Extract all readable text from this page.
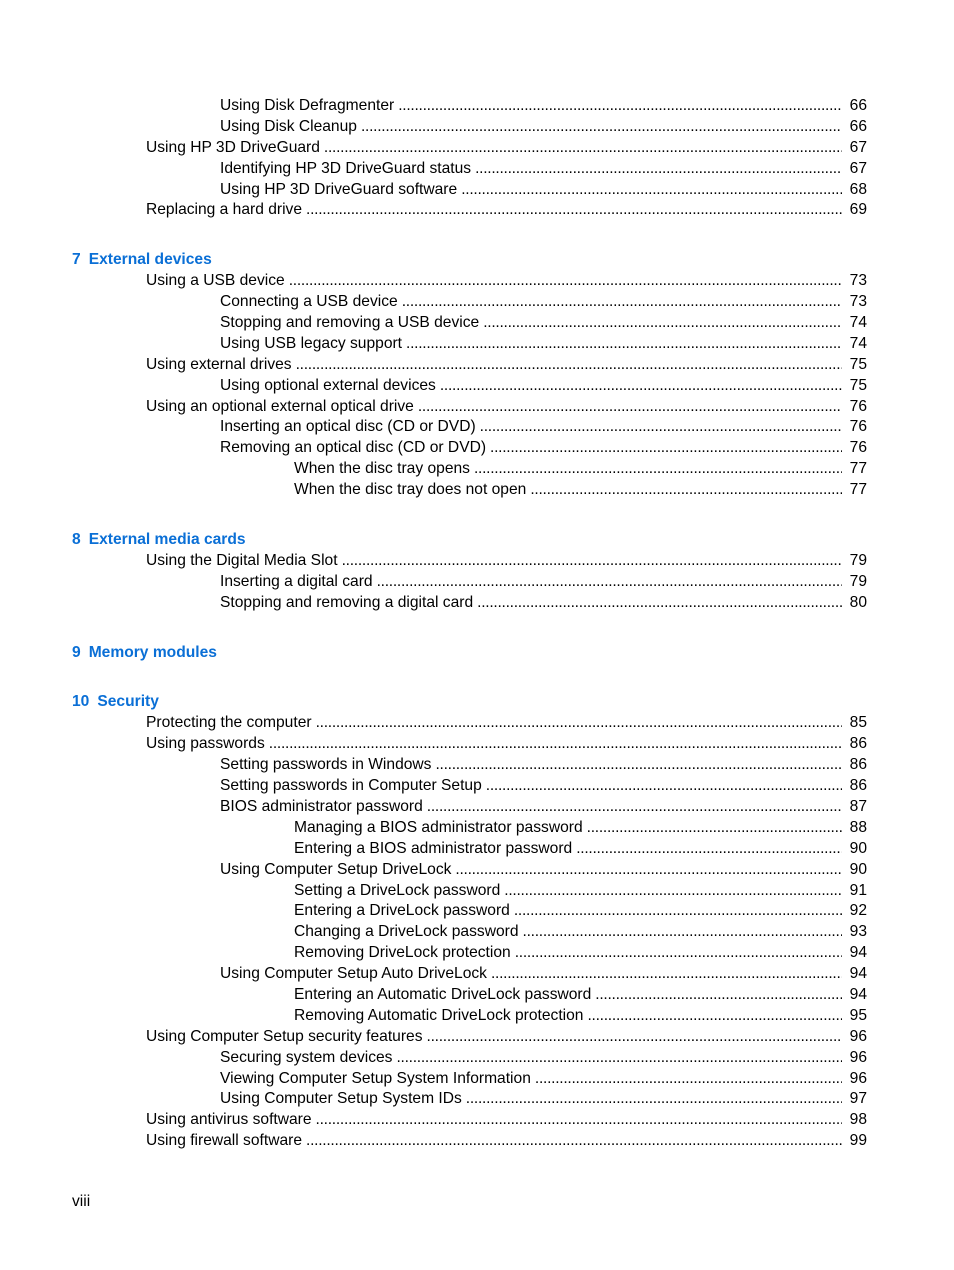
Using Disk Defragmenter . . .	66
Using Disk Cleanup . . .	66
Using HP 3D DriveGuard . . .	67
Identifying HP 3D DriveGuard status . . .	67
Using HP 3D DriveGuard software . . .	68
Replacing a hard drive . . .	69
7 External devices
Using a USB device . . .	73
Connecting a USB device . . .	73
Stopping and removing a USB device . . .	74
Using USB legacy support . . .	74
Using external drives . . .	75
Using optional external devices . . .	75
Using an optional external optical drive . . .	76
Inserting an optical disc (CD or DVD) . . .	76
Removing an optical disc (CD or DVD) . . .	76
When the disc tray opens . . .	77
When the disc tray does not open . . .	77
8 External media cards
Using the Digital Media Slot . . .	79
Inserting a digital card . . .	79
Stopping and removing a digital card . . .	80
9 Memory modules
10 Security
Protecting the computer . . .	85
Using passwords . . .	86
Setting passwords in Windows . . .	86
Setting passwords in Computer Setup . . .	86
BIOS administrator password . . .	87
Managing a BIOS administrator password . . .	88
Entering a BIOS administrator password . . .	90
Using Computer Setup DriveLock . . .	90
Setting a DriveLock password . . .	91
Entering a DriveLock password . . .	92
Changing a DriveLock password . . .	93
Removing DriveLock protection . . .	94
Using Computer Setup Auto DriveLock . . .	94
Entering an Automatic DriveLock password . . .	94
Removing Automatic DriveLock protection . . .	95
Using Computer Setup security features . . .	96
Securing system devices . . .	96
Viewing Computer Setup System Information . . .	96
Using Computer Setup System IDs . . .	97
Using antivirus software . . .	98
Using firewall software . . .	99
viii
